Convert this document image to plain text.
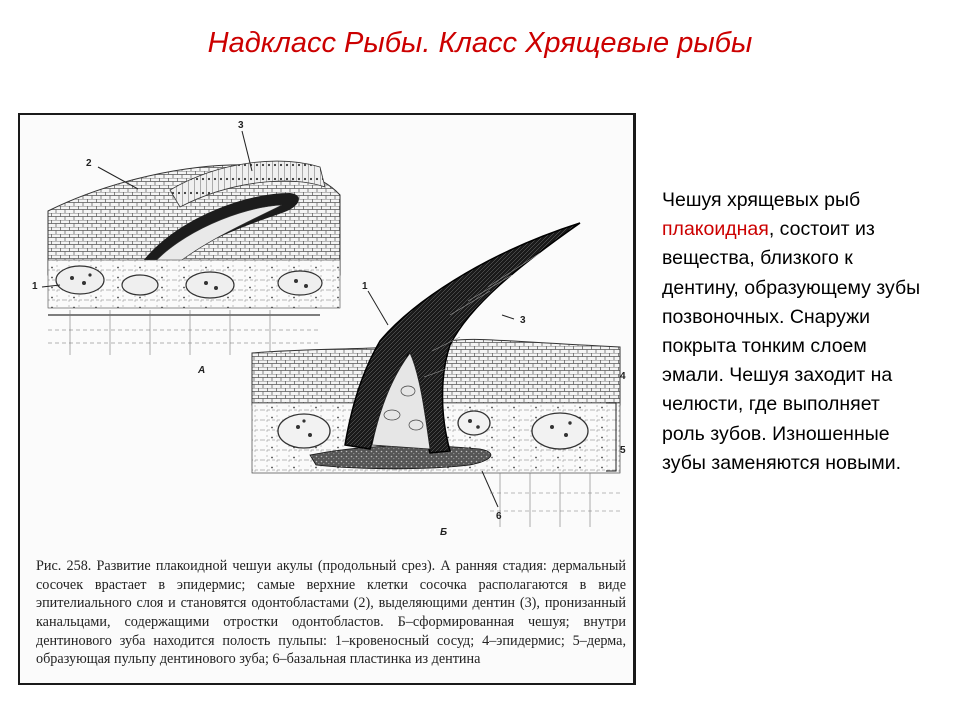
Надкласс Рыбы. Класс Хрящевые рыбы
2
3
1
А
1
3
4
5
6
Б

Рис. 258. Развитие плакоидной чешуи акулы (продольный срез). А ранняя стадия: дермальный сосочек врастает в эпидермис; самые верхние клетки сосочка располагаются в виде эпителиального слоя и становятся одонтобластами (2), выделяющими дентин (3), пронизанный канальцами, содержащими отростки одонтобластов. Б–сформированная чешуя; внутри дентинового зуба находится полость пульпы: 1–кровеносный сосуд; 4–эпидермис; 5–дерма, образующая пульпу дентинового зуба; 6–базальная пластинка из дентина

Чешуя хрящевых рыб плакоидная, состоит из вещества, близкого к дентину, образующему зубы позвоночных. Снаружи покрыта тонким слоем эмали. Чешуя заходит на челюсти, где выполняет роль зубов. Изношенные зубы заменяются новыми.
